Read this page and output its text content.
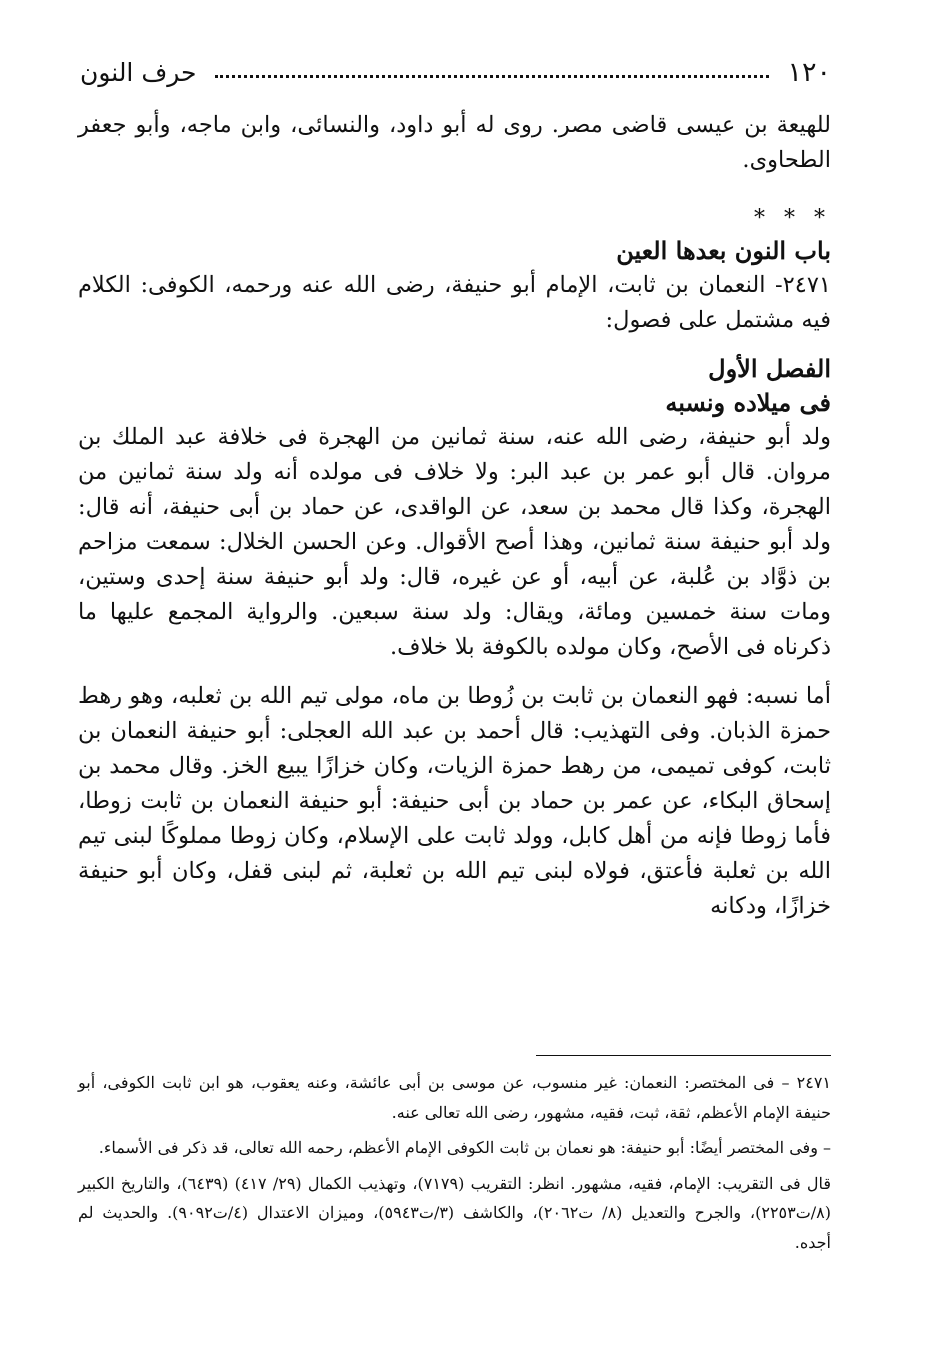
١٢٠
حرف النون

للهيعة بن عيسى قاضى مصر. روى له أبو داود، والنسائى، وابن ماجه، وأبو جعفر الطحاوى.

* * *
باب النون بعدها العين

٢٤٧١- النعمان بن ثابت، الإمام أبو حنيفة، رضى الله عنه ورحمه، الكوفى: الكلام فيه مشتمل على فصول:

الفصل الأول
فى ميلاده ونسبه

ولد أبو حنيفة، رضى الله عنه، سنة ثمانين من الهجرة فى خلافة عبد الملك بن مروان. قال أبو عمر بن عبد البر: ولا خلاف فى مولده أنه ولد سنة ثمانين من الهجرة، وكذا قال محمد بن سعد، عن الواقدى، عن حماد بن أبى حنيفة، أنه قال: ولد أبو حنيفة سنة ثمانين، وهذا أصح الأقوال. وعن الحسن الخلال: سمعت مزاحم بن ذوَّاد بن عُلبة، عن أبيه، أو عن غيره، قال: ولد أبو حنيفة سنة إحدى وستين، ومات سنة خمسين ومائة، ويقال: ولد سنة سبعين. والرواية المجمع عليها ما ذكرناه فى الأصح، وكان مولده بالكوفة بلا خلاف.

أما نسبه: فهو النعمان بن ثابت بن زُوطا بن ماه، مولى تيم الله بن ثعلبه، وهو رهط حمزة الذبان. وفى التهذيب: قال أحمد بن عبد الله العجلى: أبو حنيفة النعمان بن ثابت، كوفى تميمى، من رهط حمزة الزيات، وكان خزازًا يبيع الخز. وقال محمد بن إسحاق البكاء، عن عمر بن حماد بن أبى حنيفة: أبو حنيفة النعمان بن ثابت زوطا، فأما زوطا فإنه من أهل كابل، وولد ثابت على الإسلام، وكان زوطا مملوكًا لبنى تيم الله بن ثعلبة فأعتق، فولاه لبنى تيم الله بن ثعلبة، ثم لبنى قفل، وكان أبو حنيفة خزازًا، ودكانه

٢٤٧١ – فى المختصر: النعمان: غير منسوب، عن موسى بن أبى عائشة، وعنه يعقوب، هو ابن ثابت الكوفى، أبو حنيفة الإمام الأعظم، ثقة، ثبت، فقيه، مشهور، رضى الله تعالى عنه.

– وفى المختصر أيضًا: أبو حنيفة: هو نعمان بن ثابت الكوفى الإمام الأعظم، رحمه الله تعالى، قد ذكر فى الأسماء.

قال فى التقريب: الإمام، فقيه، مشهور. انظر: التقريب (٧١٧٩)، وتهذيب الكمال (٢٩/ ٤١٧) (٦٤٣٩)، والتاريخ الكبير (٨/ت٢٢٥٣)، والجرح والتعديل (٨/ ت٢٠٦٢)، والكاشف (٣/ت٥٩٤٣)، وميزان الاعتدال (٤/ت٩٠٩٢). والحديث لم أجده.
